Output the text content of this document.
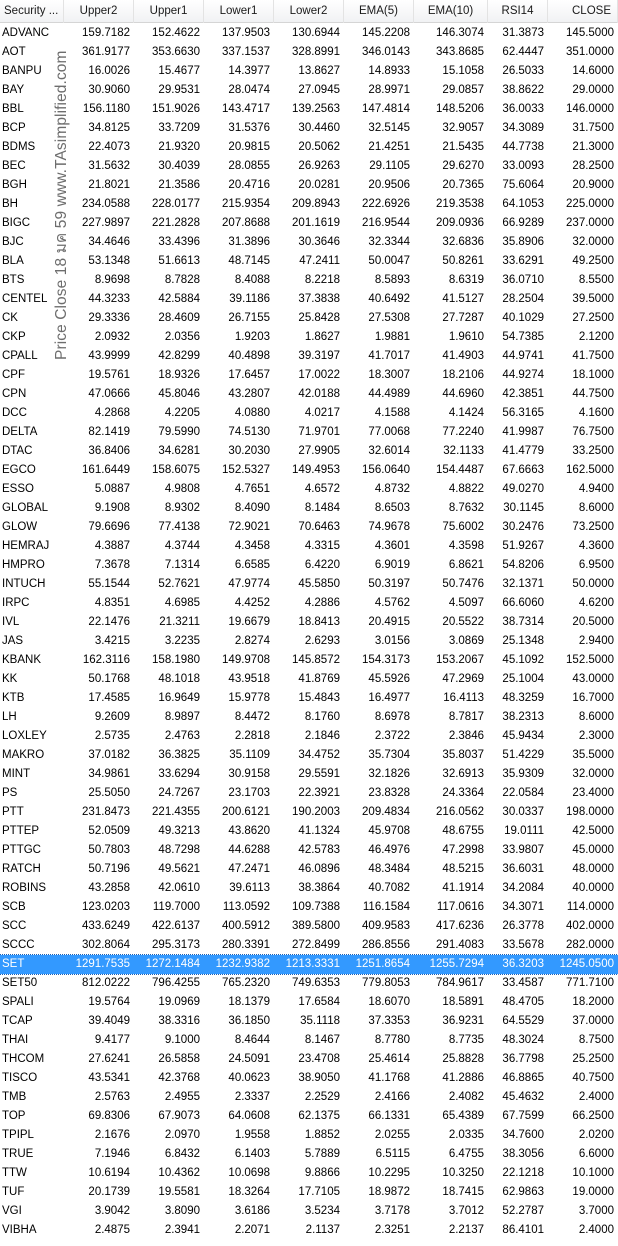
Security ...	Upper2	Upper1	Lower1	Lower2	EMA(5)	EMA(10)	RSI14	CLOSE
ADVANC	159.7182	152.4622	137.9503	130.6944	145.2208	146.3074	31.3873	145.5000
AOT	361.9177	353.6630	337.1537	328.8991	346.0143	343.8685	62.4447	351.0000
BANPU	16.0026	15.4677	14.3977	13.8627	14.8933	15.1058	26.5033	14.6000
BAY	30.9060	29.9531	28.0474	27.0945	28.9971	29.0857	38.8622	29.0000
BBL	156.1180	151.9026	143.4717	139.2563	147.4814	148.5206	36.0033	146.0000
BCP	34.8125	33.7209	31.5376	30.4460	32.5145	32.9057	34.3089	31.7500
BDMS	22.4073	21.9320	20.9815	20.5062	21.4251	21.5435	44.7738	21.3000
BEC	31.5632	30.4039	28.0855	26.9263	29.1105	29.6270	33.0093	28.2500
BGH	21.8021	21.3586	20.4716	20.0281	20.9506	20.7365	75.6064	20.9000
BH	234.0588	228.0177	215.9354	209.8943	222.6926	219.3538	64.1053	225.0000
BIGC	227.9897	221.2828	207.8688	201.1619	216.9544	209.0936	66.9289	237.0000
BJC	34.4646	33.4396	31.3896	30.3646	32.3344	32.6836	35.8906	32.0000
BLA	53.1348	51.6613	48.7145	47.2411	50.0047	50.8261	33.6291	49.2500
BTS	8.9698	8.7828	8.4088	8.2218	8.5893	8.6319	36.0710	8.5500
CENTEL	44.3233	42.5884	39.1186	37.3838	40.6492	41.5127	28.2504	39.5000
CK	29.3336	28.4609	26.7155	25.8428	27.5308	27.7287	40.1029	27.2500
CKP	2.0932	2.0356	1.9203	1.8627	1.9881	1.9610	54.7385	2.1200
CPALL	43.9999	42.8299	40.4898	39.3197	41.7017	41.4903	44.9741	41.7500
CPF	19.5761	18.9326	17.6457	17.0022	18.3007	18.2106	44.9274	18.1000
CPN	47.0666	45.8046	43.2807	42.0188	44.4989	44.6960	42.3851	44.7500
DCC	4.2868	4.2205	4.0880	4.0217	4.1588	4.1424	56.3165	4.1600
DELTA	82.1419	79.5990	74.5130	71.9701	77.0068	77.2240	41.9987	76.7500
DTAC	36.8406	34.6281	30.2030	27.9905	32.6014	32.1133	41.4779	33.2500
EGCO	161.6449	158.6075	152.5327	149.4953	156.0640	154.4487	67.6663	162.5000
ESSO	5.0887	4.9808	4.7651	4.6572	4.8732	4.8822	49.0270	4.9400
GLOBAL	9.1908	8.9302	8.4090	8.1484	8.6503	8.7632	30.1145	8.6000
GLOW	79.6696	77.4138	72.9021	70.6463	74.9678	75.6002	30.2476	73.2500
HEMRAJ	4.3887	4.3744	4.3458	4.3315	4.3601	4.3598	51.9267	4.3600
HMPRO	7.3678	7.1314	6.6585	6.4220	6.9019	6.8621	54.8206	6.9500
INTUCH	55.1544	52.7621	47.9774	45.5850	50.3197	50.7476	32.1371	50.0000
IRPC	4.8351	4.6985	4.4252	4.2886	4.5762	4.5097	66.6060	4.6200
IVL	22.1476	21.3211	19.6679	18.8413	20.4915	20.5522	38.7314	20.5000
JAS	3.4215	3.2235	2.8274	2.6293	3.0156	3.0869	25.1348	2.9400
KBANK	162.3116	158.1980	149.9708	145.8572	154.3173	153.2067	45.1092	152.5000
KK	50.1768	48.1018	43.9518	41.8769	45.5926	47.2969	25.1004	43.0000
KTB	17.4585	16.9649	15.9778	15.4843	16.4977	16.4113	48.3259	16.7000
LH	9.2609	8.9897	8.4472	8.1760	8.6978	8.7817	38.2313	8.6000
LOXLEY	2.5735	2.4763	2.2818	2.1846	2.3722	2.3846	45.9434	2.3000
MAKRO	37.0182	36.3825	35.1109	34.4752	35.7304	35.8037	51.4229	35.5000
MINT	34.9861	33.6294	30.9158	29.5591	32.1826	32.6913	35.9309	32.0000
PS	25.5050	24.7267	23.1703	22.3921	23.8328	24.3364	22.0584	23.4000
PTT	231.8473	221.4355	200.6121	190.2003	209.4834	216.0562	30.0337	198.0000
PTTEP	52.0509	49.3213	43.8620	41.1324	45.9708	48.6755	19.0111	42.5000
PTTGC	50.7803	48.7298	44.6288	42.5783	46.4976	47.2998	33.9807	45.0000
RATCH	50.7196	49.5621	47.2471	46.0896	48.3484	48.5215	36.6031	48.0000
ROBINS	43.2858	42.0610	39.6113	38.3864	40.7082	41.1914	34.2084	40.0000
SCB	123.0203	119.7000	113.0592	109.7388	116.1584	117.0616	34.3071	114.0000
SCC	433.6249	422.6137	400.5912	389.5800	409.9583	417.6236	26.3778	402.0000
SCCC	302.8064	295.3173	280.3391	272.8499	286.8556	291.4083	33.5678	282.0000
SET	1291.7535	1272.1484	1232.9382	1213.3331	1251.8654	1255.7294	36.3203	1245.0500
SET50	812.0222	796.4255	765.2320	749.6353	779.8053	784.9617	33.4587	771.7100
SPALI	19.5764	19.0969	18.1379	17.6584	18.6070	18.5891	48.4705	18.2000
TCAP	39.4049	38.3316	36.1850	35.1118	37.3353	36.9231	64.5529	37.0000
THAI	9.4177	9.1000	8.4644	8.1467	8.7780	8.7735	48.3024	8.7500
THCOM	27.6241	26.5858	24.5091	23.4708	25.4614	25.8828	36.7798	25.2500
TISCO	43.5341	42.3768	40.0623	38.9050	41.1768	41.2886	46.8865	40.7500
TMB	2.5763	2.4955	2.3337	2.2529	2.4166	2.4082	45.4632	2.4000
TOP	69.8306	67.9073	64.0608	62.1375	66.1331	65.4389	67.7599	66.2500
TPIPL	2.1676	2.0970	1.9558	1.8852	2.0255	2.0335	34.7600	2.0200
TRUE	7.1946	6.8432	6.1403	5.7889	6.5115	6.4755	38.3056	6.6000
TTW	10.6194	10.4362	10.0698	9.8866	10.2295	10.3250	22.1218	10.1000
TUF	20.1739	19.5581	18.3264	17.7105	18.9872	18.7415	62.9863	19.0000
VGI	3.9042	3.8090	3.6186	3.5234	3.7178	3.7012	52.2787	3.7000
VIBHA	2.4875	2.3941	2.2071	2.1137	2.3251	2.2137	86.4101	2.4000
Price Close 18 มค 59 www.TAsimplified.com
